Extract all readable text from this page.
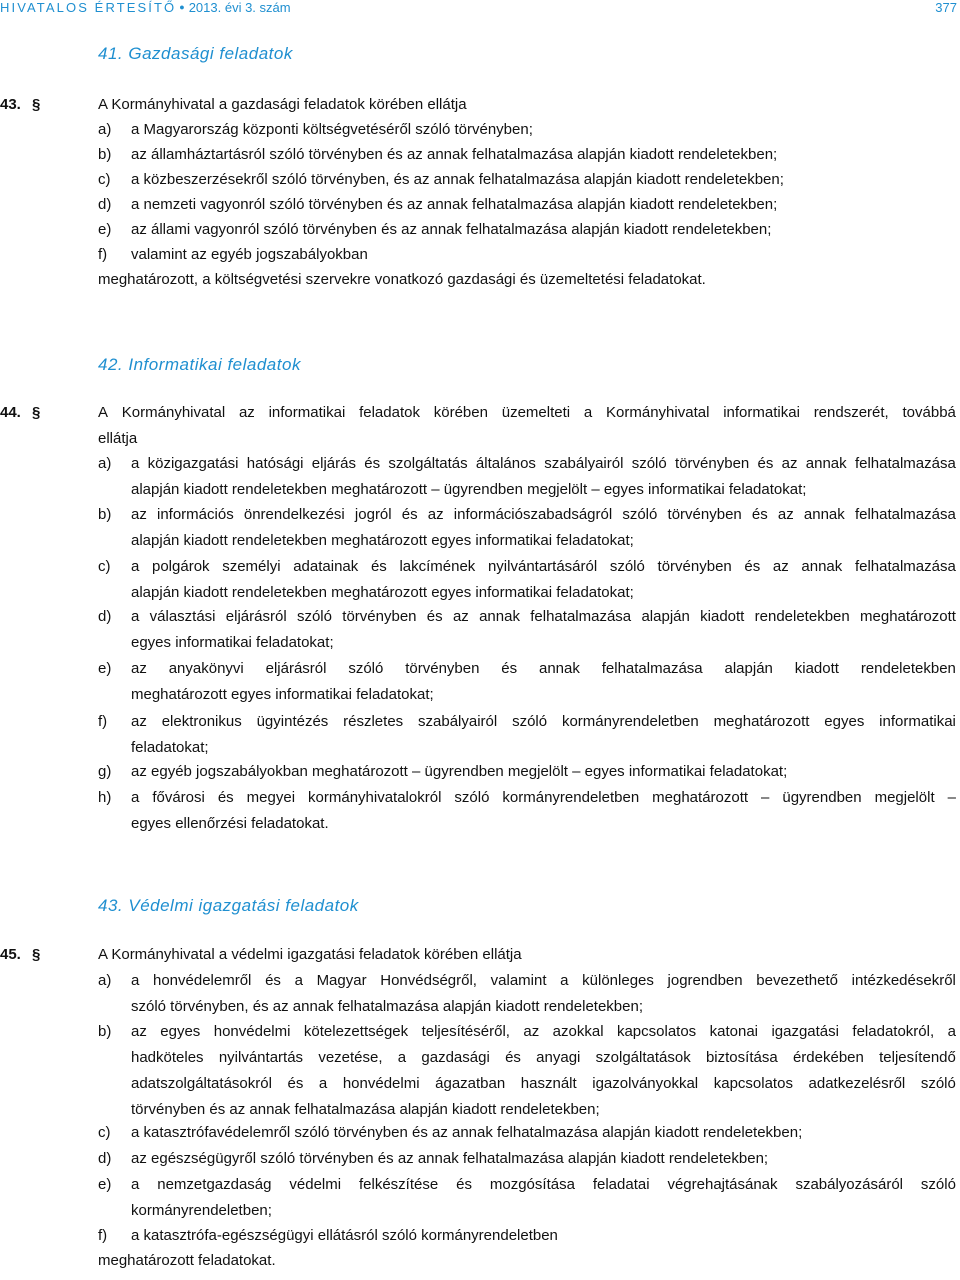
HIVATALOS ÉRTESÍTŐ ● 2013. évi 3. szám	377
41. Gazdasági feladatok
43. §	A Kormányhivatal a gazdasági feladatok körében ellátja
a) a Magyarország központi költségvetéséről szóló törvényben;
b) az államháztartásról szóló törvényben és az annak felhatalmazása alapján kiadott rendeletekben;
c) a közbeszerzésekről szóló törvényben, és az annak felhatalmazása alapján kiadott rendeletekben;
d) a nemzeti vagyonról szóló törvényben és az annak felhatalmazása alapján kiadott rendeletekben;
e) az állami vagyonról szóló törvényben és az annak felhatalmazása alapján kiadott rendeletekben;
f) valamint az egyéb jogszabályokban
meghatározott, a költségvetési szervekre vonatkozó gazdasági és üzemeltetési feladatokat.
42. Informatikai feladatok
44. §	A Kormányhivatal az informatikai feladatok körében üzemelteti a Kormányhivatal informatikai rendszerét, továbbá
ellátja
a) a közigazgatási hatósági eljárás és szolgáltatás általános szabályairól szóló törvényben és az annak felhatalmazása
alapján kiadott rendeletekben meghatározott – ügyrendben megjelölt – egyes informatikai feladatokat;
b) az információs önrendelkezési jogról és az információszabadságról szóló törvényben és az annak felhatalmazása
alapján kiadott rendeletekben meghatározott egyes informatikai feladatokat;
c) a polgárok személyi adatainak és lakcímének nyilvántartásáról szóló törvényben és az annak felhatalmazása
alapján kiadott rendeletekben meghatározott egyes informatikai feladatokat;
d) a választási eljárásról szóló törvényben és az annak felhatalmazása alapján kiadott rendeletekben meghatározott
egyes informatikai feladatokat;
e) az anyakönyvi eljárásról szóló törvényben és annak felhatalmazása alapján kiadott rendeletekben
meghatározott egyes informatikai feladatokat;
f) az elektronikus ügyintézés részletes szabályairól szóló kormányrendeletben meghatározott egyes informatikai
feladatokat;
g) az egyéb jogszabályokban meghatározott – ügyrendben megjelölt – egyes informatikai feladatokat;
h) a fővárosi és megyei kormányhivatalokról szóló kormányrendeletben meghatározott – ügyrendben megjelölt –
egyes ellenőrzési feladatokat.
43. Védelmi igazgatási feladatok
45. §	A Kormányhivatal a védelmi igazgatási feladatok körében ellátja
a) a honvédelemről és a Magyar Honvédségről, valamint a különleges jogrendben bevezethető intézkedésekről
szóló törvényben, és az annak felhatalmazása alapján kiadott rendeletekben;
b) az egyes honvédelmi kötelezettségek teljesítéséről, az azokkal kapcsolatos katonai igazgatási feladatokról, a
hadköteles nyilvántartás vezetése, a gazdasági és anyagi szolgáltatások biztosítása érdekében teljesítendő
adatszolgáltatásokról és a honvédelmi ágazatban használt igazolványokkal kapcsolatos adatkezelésről szóló
törvényben és az annak felhatalmazása alapján kiadott rendeletekben;
c) a katasztrófavédelemről szóló törvényben és az annak felhatalmazása alapján kiadott rendeletekben;
d) az egészségügyről szóló törvényben és az annak felhatalmazása alapján kiadott rendeletekben;
e) a nemzetgazdaság védelmi felkészítése és mozgósítása feladatai végrehajtásának szabályozásáról szóló
kormányrendeletben;
f) a katasztrófa-egészségügyi ellátásról szóló kormányrendeletben
meghatározott feladatokat.
